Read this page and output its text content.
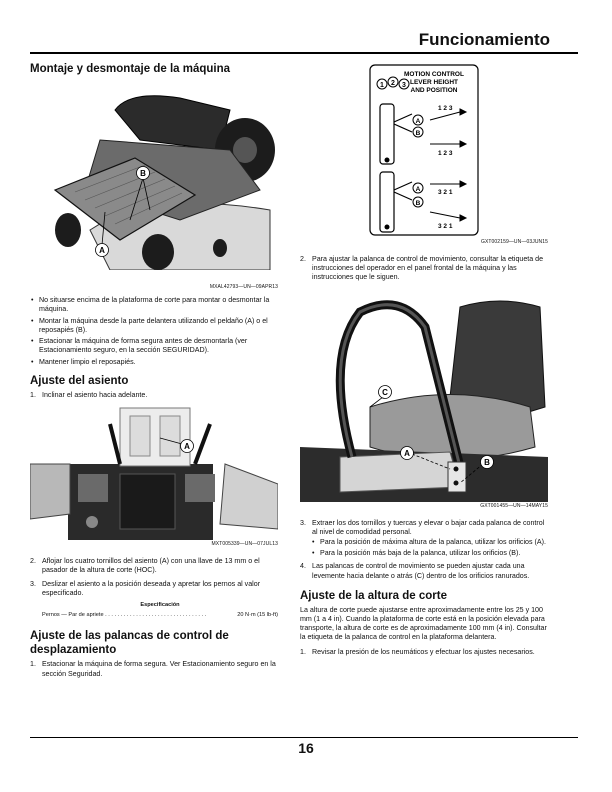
Funcionamiento
Montaje y desmontaje de la máquina
B
A
MXAL42793—UN—09APR13
• No situarse encima de la plataforma de corte para montar o desmontar la máquina.
• Montar la máquina desde la parte delantera utilizando el peldaño (A) o el reposapiés (B).
• Estacionar la máquina de forma segura antes de desmontarla (ver Estacionamiento seguro, en la sección SEGURIDAD).
• Mantener limpio el reposapiés.
Ajuste del asiento
1. Inclinar el asiento hacia adelante.
A
MXT005339—UN—07JUL13
2. Aflojar los cuatro tornillos del asiento (A) con una llave de 13 mm o el pasador de la altura de corte (HOC).
3. Deslizar el asiento a la posición deseada y apretar los pernos al valor especificado.
Especificación
Pernos — Par de apriete . . . . . . . . . . . . . . . . . . . . . . . . . . . . . . . . .	20 N·m (15 lb-ft)
Ajuste de las palancas de control de desplazamiento
1. Estacionar la máquina de forma segura. Ver Estacionamiento seguro en la sección Seguridad.
MOTION CONTROL
LEVER HEIGHT
AND POSITION
1 2 3
1 2 3
1 2 3
3 2 1
3 2 1
A
B
A
B
GXT002159—UN—03JUN15
2. Para ajustar la palanca de control de movimiento, consultar la etiqueta de instrucciones del operador en el panel frontal de la máquina y las instrucciones que le siguen.
C
A
B
GXT001455—UN—14MAY15
3. Extraer los dos tornillos y tuercas y elevar o bajar cada palanca de control al nivel de comodidad personal.
• Para la posición de máxima altura de la palanca, utilizar los orificios (A).
• Para la posición más baja de la palanca, utilizar los orificios (B).
4. Las palancas de control de movimiento se pueden ajustar cada una levemente hacia delante o atrás (C) dentro de los orificios ranurados.
Ajuste de la altura de corte

La altura de corte puede ajustarse entre aproximadamente entre los 25 y 100 mm (1 a 4 in). Cuando la plataforma de corte está en la posición elevada para transporte, la altura de corte es de aproximadamente 100 mm (4 in). Consultar la etiqueta de la palanca de control en la plataforma delantera.

1. Revisar la presión de los neumáticos y efectuar los ajustes necesarios.
16
